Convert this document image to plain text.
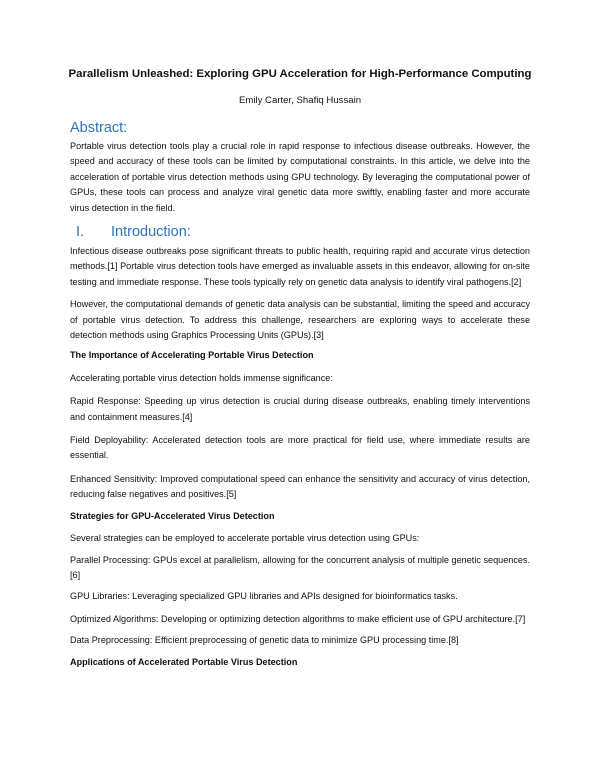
Parallelism Unleashed: Exploring GPU Acceleration for High-Performance Computing
Emily Carter, Shafiq Hussain
Abstract:

Portable virus detection tools play a crucial role in rapid response to infectious disease outbreaks. However, the speed and accuracy of these tools can be limited by computational constraints. In this article, we delve into the acceleration of portable virus detection methods using GPU technology. By leveraging the computational power of GPUs, these tools can process and analyze viral genetic data more swiftly, enabling faster and more accurate virus detection in the field.

I. Introduction:

Infectious disease outbreaks pose significant threats to public health, requiring rapid and accurate virus detection methods.[1] Portable virus detection tools have emerged as invaluable assets in this endeavor, allowing for on-site testing and immediate response. These tools typically rely on genetic data analysis to identify viral pathogens.[2]

However, the computational demands of genetic data analysis can be substantial, limiting the speed and accuracy of portable virus detection. To address this challenge, researchers are exploring ways to accelerate these detection methods using Graphics Processing Units (GPUs).[3]

The Importance of Accelerating Portable Virus Detection

Accelerating portable virus detection holds immense significance:

Rapid Response: Speeding up virus detection is crucial during disease outbreaks, enabling timely interventions and containment measures.[4]

Field Deployability: Accelerated detection tools are more practical for field use, where immediate results are essential.

Enhanced Sensitivity: Improved computational speed can enhance the sensitivity and accuracy of virus detection, reducing false negatives and positives.[5]

Strategies for GPU-Accelerated Virus Detection

Several strategies can be employed to accelerate portable virus detection using GPUs:

Parallel Processing: GPUs excel at parallelism, allowing for the concurrent analysis of multiple genetic sequences.[6]

GPU Libraries: Leveraging specialized GPU libraries and APIs designed for bioinformatics tasks.

Optimized Algorithms: Developing or optimizing detection algorithms to make efficient use of GPU architecture.[7]

Data Preprocessing: Efficient preprocessing of genetic data to minimize GPU processing time.[8]

Applications of Accelerated Portable Virus Detection
